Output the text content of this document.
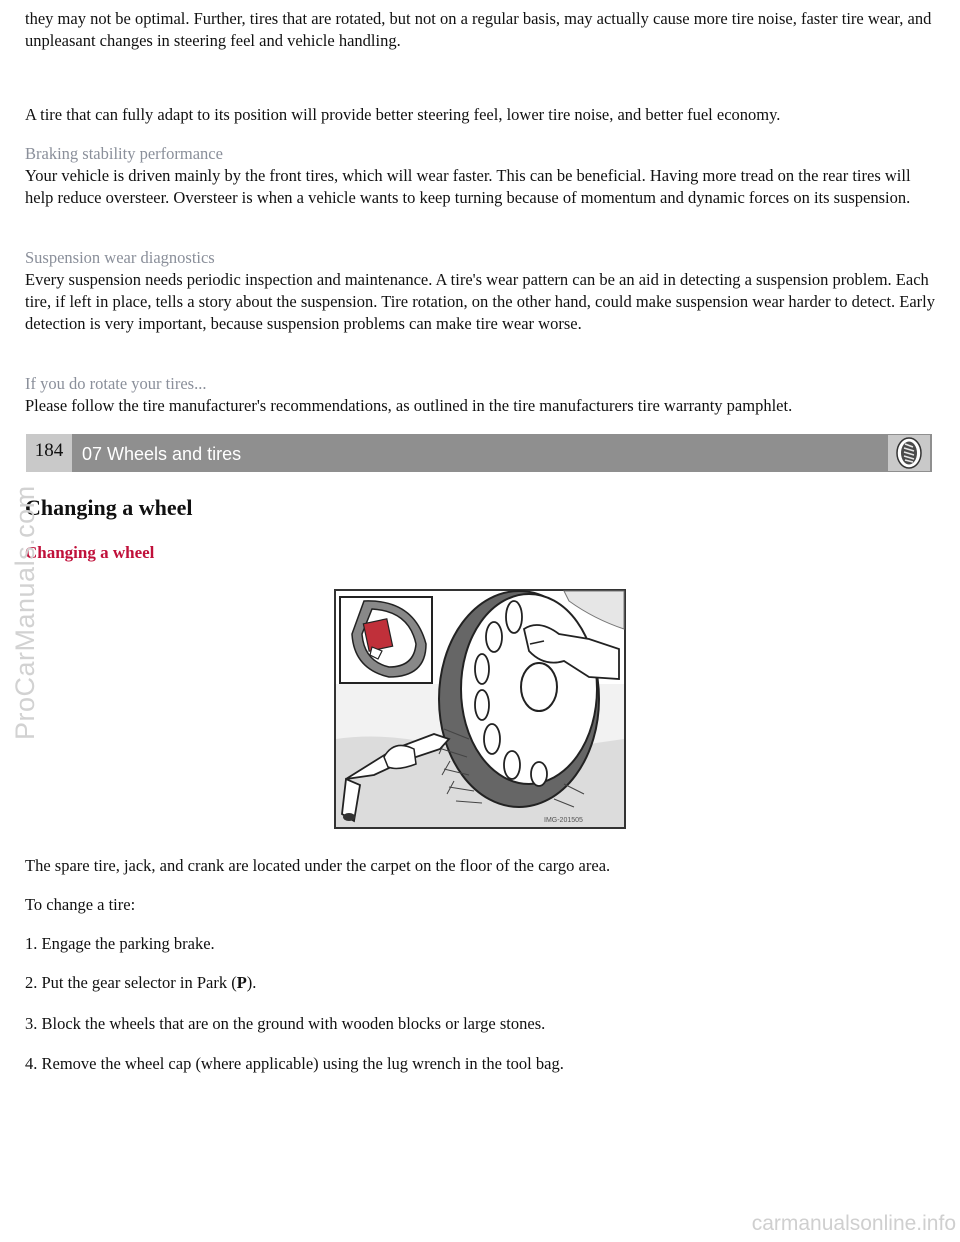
they may not be optimal. Further, tires that are rotated, but not on a regular basis, may actually cause more tire noise, faster tire wear, and unpleasant changes in steering feel and vehicle handling.

A tire that can fully adapt to its position will provide better steering feel, lower tire noise, and better fuel economy.

Braking stability performance
Your vehicle is driven mainly by the front tires, which will wear faster. This can be beneficial. Having more tread on the rear tires will help reduce oversteer. Oversteer is when a vehicle wants to keep turning because of momentum and dynamic forces on its suspension.
Suspension wear diagnostics
Every suspension needs periodic inspection and maintenance. A tire's wear pattern can be an aid in detecting a suspension problem. Each tire, if left in place, tells a story about the suspension. Tire rotation, on the other hand, could make suspension wear harder to detect. Early detection is very important, because suspension problems can make tire wear worse.
If you do rotate your tires...
Please follow the tire manufacturer's recommendations, as outlined in the tire manufacturers tire warranty pamphlet.
184	07 Wheels and tires
Changing a wheel
Changing a wheel
IMG-201505

The spare tire, jack, and crank are located under the carpet on the floor of the cargo area.

To change a tire:

1. Engage the parking brake.

2. Put the gear selector in Park (P).

3. Block the wheels that are on the ground with wooden blocks or large stones.

4. Remove the wheel cap (where applicable) using the lug wrench in the tool bag.

ProCarManuals.com
carmanualsonline.info
